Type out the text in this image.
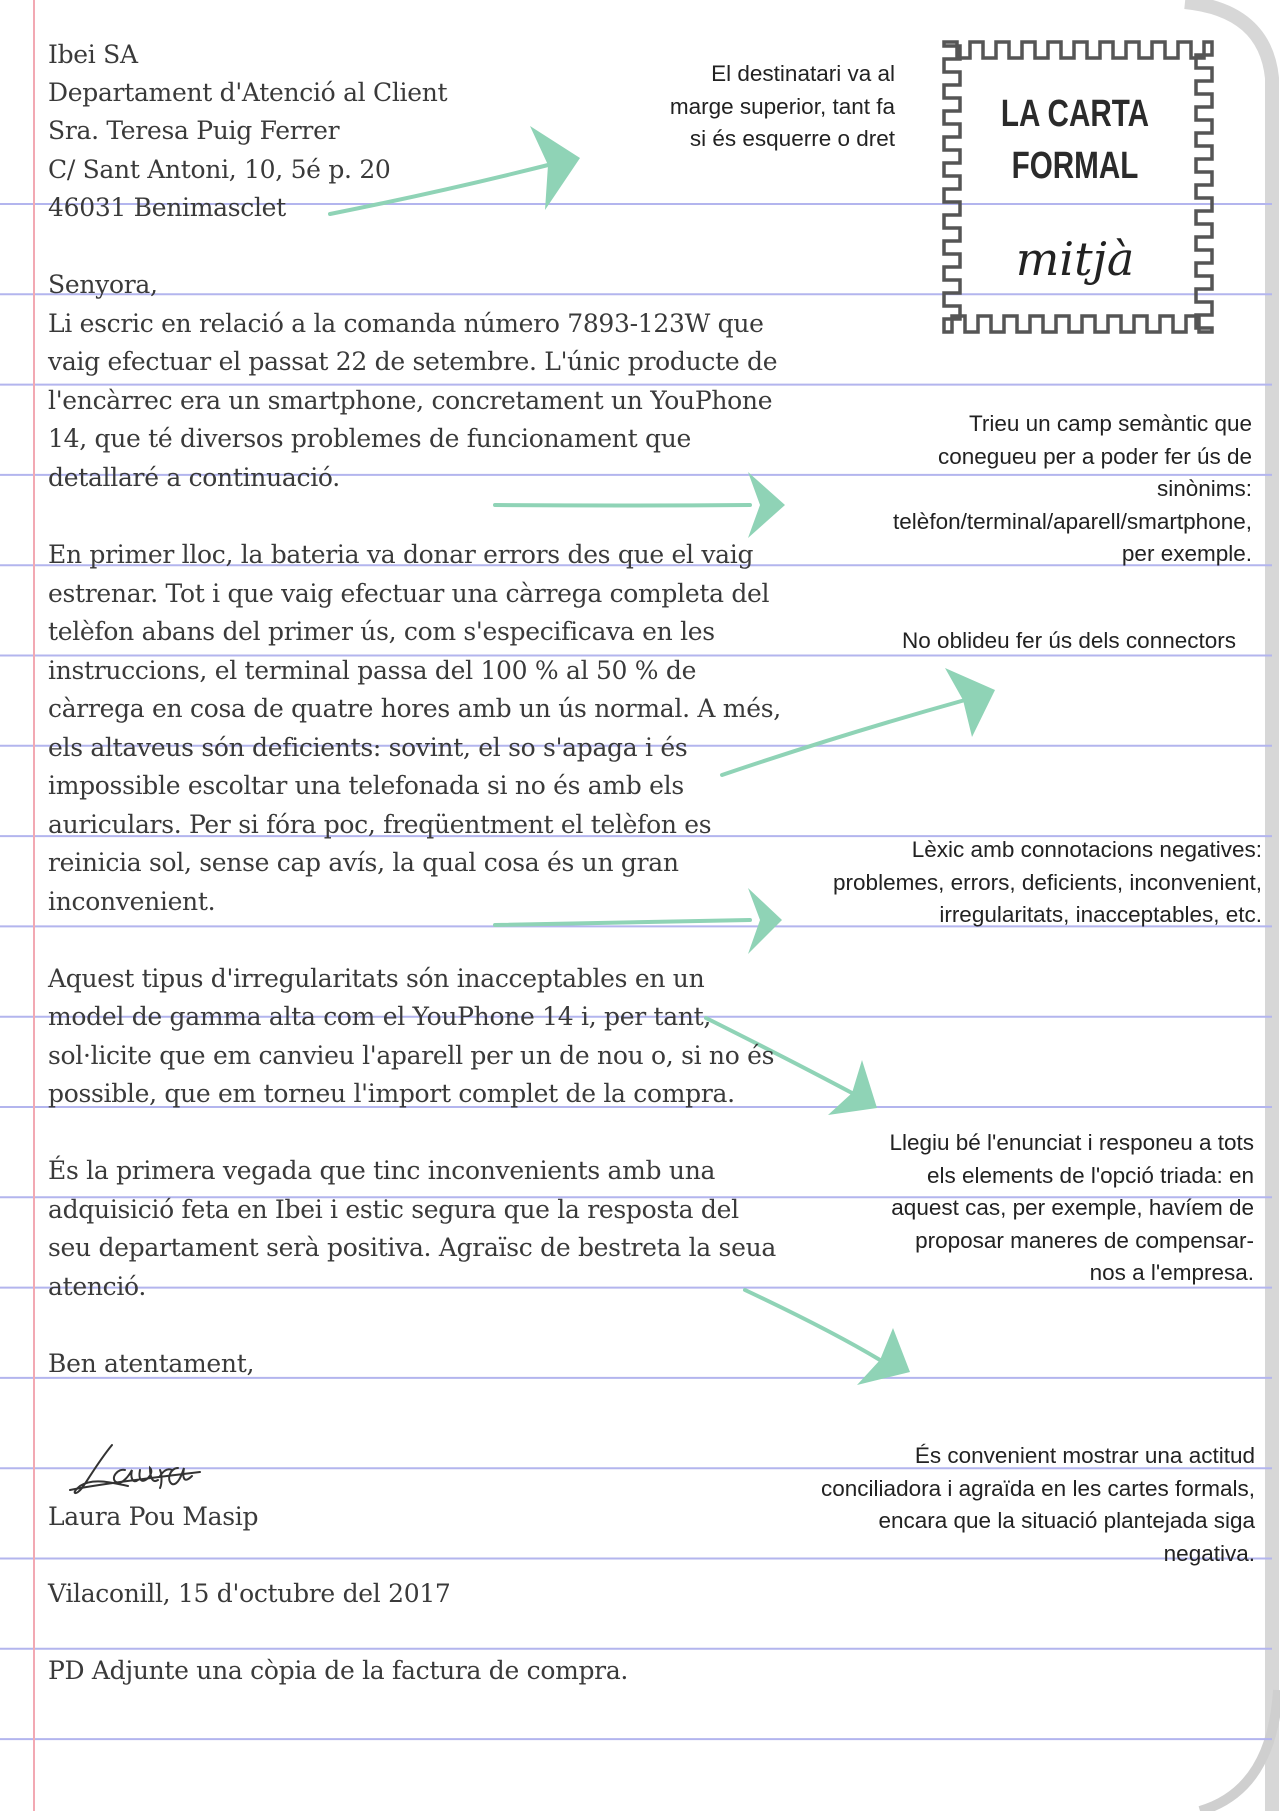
LA CARTA
FORMAL
mitjà
Ibei SA
Departament d'Atenció al Client
Sra. Teresa Puig Ferrer
C/ Sant Antoni, 10, 5é p. 20
46031 Benimasclet
Senyora,
Li escric en relació a la comanda número 7893-123W que
vaig efectuar el passat 22 de setembre. L'únic producte de
l'encàrrec era un smartphone, concretament un YouPhone
14, que té diversos problemes de funcionament que
detallaré a continuació.
En primer lloc, la bateria va donar errors des que el vaig
estrenar. Tot i que vaig efectuar una càrrega completa del
telèfon abans del primer ús, com s'especificava en les
instruccions, el terminal passa del 100 % al 50 % de
càrrega en cosa de quatre hores amb un ús normal. A més,
els altaveus són deficients: sovint, el so s'apaga i és
impossible escoltar una telefonada si no és amb els
auriculars. Per si fóra poc, freqüentment el telèfon es
reinicia sol, sense cap avís, la qual cosa és un gran
inconvenient.
Aquest tipus d'irregularitats són inacceptables en un
model de gamma alta com el YouPhone 14 i, per tant,
sol·licite que em canvieu l'aparell per un de nou o, si no és
possible, que em torneu l'import complet de la compra.
És la primera vegada que tinc inconvenients amb una
adquisició feta en Ibei i estic segura que la resposta del
seu departament serà positiva. Agraïsc de bestreta la seua
atenció.
Ben atentament,
Laura Pou Masip
Vilaconill, 15 d'octubre del 2017
PD Adjunte una còpia de la factura de compra.
El destinatari va al
marge superior, tant fa
si és esquerre o dret
Trieu un camp semàntic que
conegueu per a poder fer ús de
sinònims:
telèfon/terminal/aparell/smartphone,
per exemple.
No oblideu fer ús dels connectors
Lèxic amb connotacions negatives:
problemes, errors, deficients, inconvenient,
irregularitats, inacceptables, etc.
Llegiu bé l'enunciat i responeu a tots
els elements de l'opció triada: en
aquest cas, per exemple, havíem de
proposar maneres de compensar-
nos a l'empresa.
És convenient mostrar una actitud
conciliadora i agraïda en les cartes formals,
encara que la situació plantejada siga
negativa.
